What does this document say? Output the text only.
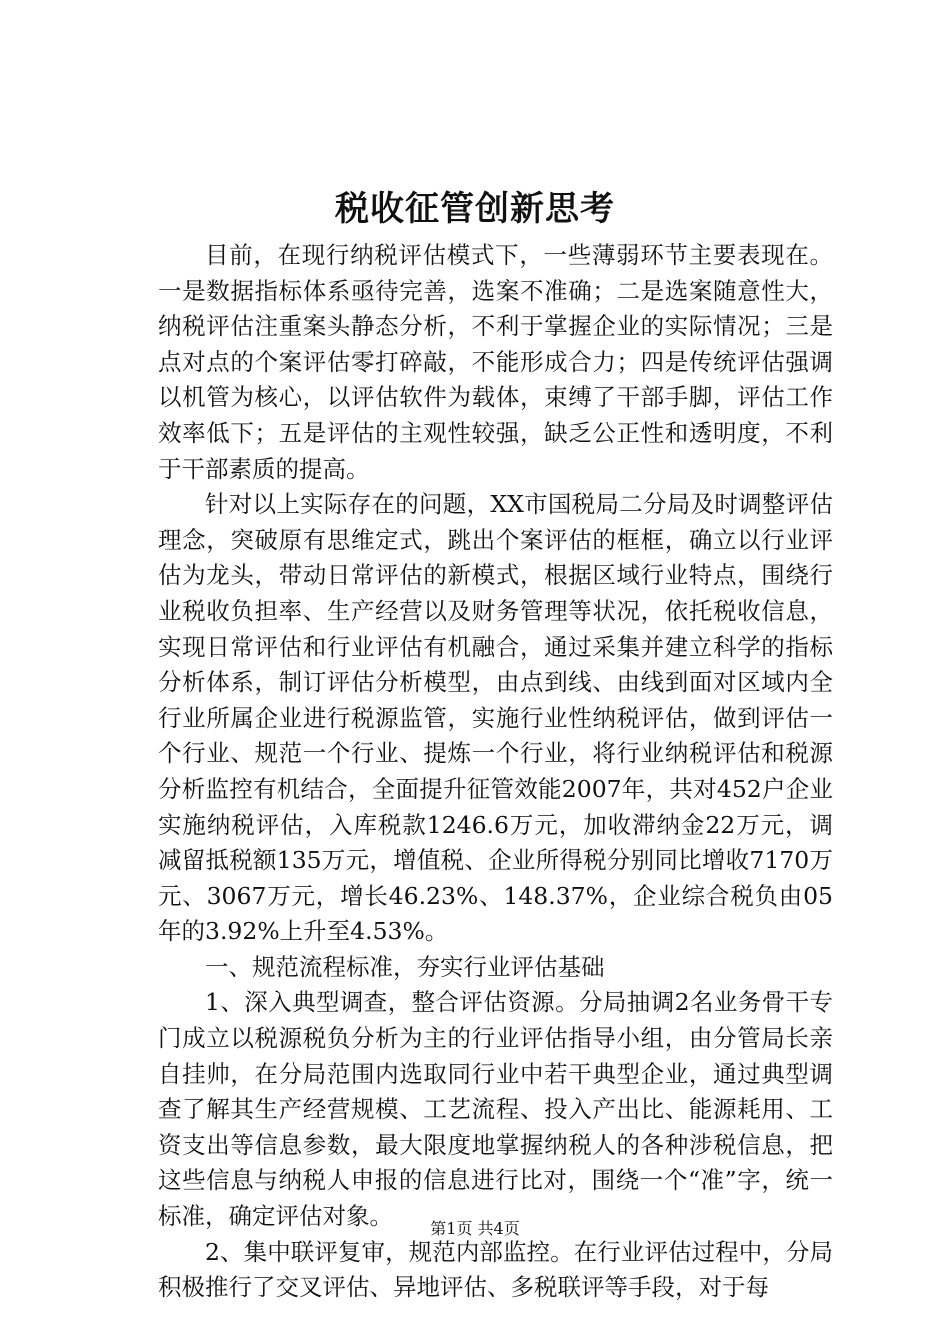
税收征管创新思考

目前，在现行纳税评估模式下，一些薄弱环节主要表现在。一是数据指标体系亟待完善，选案不准确；二是选案随意性大，纳税评估注重案头静态分析，不利于掌握企业的实际情况；三是点对点的个案评估零打碎敲，不能形成合力；四是传统评估强调以机管为核心，以评估软件为载体，束缚了干部手脚，评估工作效率低下；五是评估的主观性较强，缺乏公正性和透明度，不利于干部素质的提高。

针对以上实际存在的问题，XX市国税局二分局及时调整评估理念，突破原有思维定式，跳出个案评估的框框，确立以行业评估为龙头，带动日常评估的新模式，根据区域行业特点，围绕行业税收负担率、生产经营以及财务管理等状况，依托税收信息，实现日常评估和行业评估有机融合，通过采集并建立科学的指标分析体系，制订评估分析模型，由点到线、由线到面对区域内全行业所属企业进行税源监管，实施行业性纳税评估，做到评估一个行业、规范一个行业、提炼一个行业，将行业纳税评估和税源分析监控有机结合，全面提升征管效能2007年，共对452户企业实施纳税评估，入库税款1246.6万元，加收滞纳金22万元，调减留抵税额135万元，增值税、企业所得税分别同比增收7170万元、3067万元，增长46.23%、148.37%，企业综合税负由05年的3.92%上升至4.53%。

一、规范流程标准，夯实行业评估基础

1、深入典型调查，整合评估资源。分局抽调2名业务骨干专门成立以税源税负分析为主的行业评估指导小组，由分管局长亲自挂帅，在分局范围内选取同行业中若干典型企业，通过典型调查了解其生产经营规模、工艺流程、投入产出比、能源耗用、工资支出等信息参数，最大限度地掌握纳税人的各种涉税信息，把这些信息与纳税人申报的信息进行比对，围绕一个“准”字，统一标准，确定评估对象。

2、集中联评复审，规范内部监控。在行业评估过程中，分局积极推行了交叉评估、异地评估、多税联评等手段，对于每

第1页 共4页
